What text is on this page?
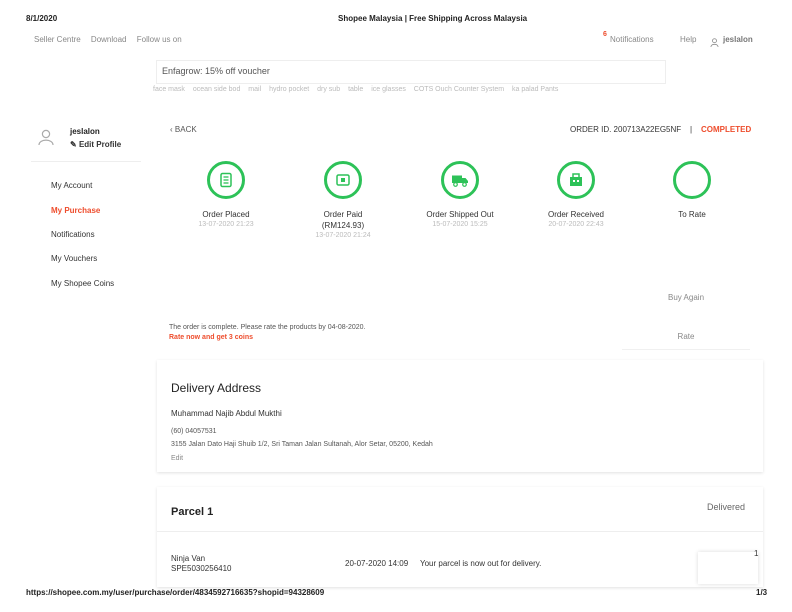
8/1/2020	Shopee Malaysia | Free Shipping Across Malaysia
https://shopee.com.my/user/purchase/order/4834592716635?shopid=94328609	1/3
Seller Centre Download Follow us on
6
Notifications	Help	jeslalon
Enfagrow: 15% off voucher
face mask ocean side bod mail hydro pocket dry sub table ice glasses COTS Ouch Counter System ka palad Pants
jeslalon
✎ Edit Profile
My Account
My Purchase
Notifications
My Vouchers
My Shopee Coins
‹ BACK	ORDER ID. 200713A22EG5NF | COMPLETED
Order Placed
13-07-2020 21:23
Order Paid
(RM124.93)
13-07-2020 21:24
Order Shipped Out
15-07-2020 15:25
Order Received
20-07-2020 22:43
To Rate
Buy Again
Rate
The order is complete. Please rate the products by 04-08-2020.
Rate now and get 3 coins
Delivery Address
Muhammad Najib Abdul Mukthi
(60) 04057531
3155 Jalan Dato Haji Shuib 1/2, Sri Taman Jalan Sultanah, Alor Setar, 05200, Kedah
Edit
Parcel 1	Delivered
Ninja Van
SPE5030256410
20-07-2020 14:09 Your parcel is now out for delivery.
1
